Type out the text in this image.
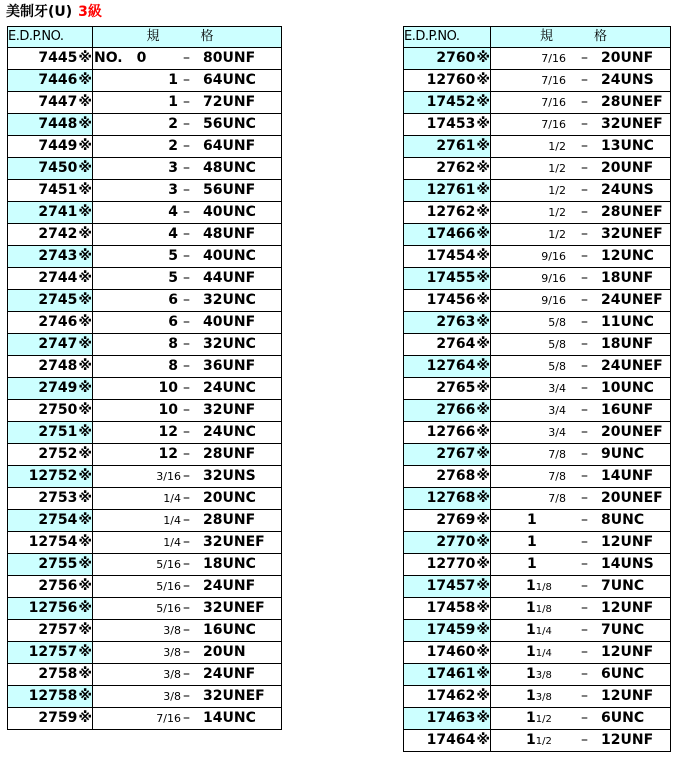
美制牙(U) 3級
E.D.P.NO.	規　格
7445※	NO.　0 – 80UNF

7446※	1 – 64UNC

7447※	1 – 72UNF

7448※	2 – 56UNC

7449※	2 – 64UNF

7450※	3 – 48UNC

7451※	3 – 56UNF

2741※	4 – 40UNC

2742※	4 – 48UNF

2743※	5 – 40UNC

2744※	5 – 44UNF

2745※	6 – 32UNC

2746※	6 – 40UNF

2747※	8 – 32UNC

2748※	8 – 36UNF

2749※	10 – 24UNC

2750※	10 – 32UNF

2751※	12 – 24UNC

2752※	12 – 28UNF

12752※	3/16 – 32UNS

2753※	1/4 – 20UNC

2754※	1/4 – 28UNF

12754※	1/4 – 32UNEF

2755※	5/16 – 18UNC

2756※	5/16 – 24UNF

12756※	5/16 – 32UNEF

2757※	3/8 – 16UNC

12757※	3/8 – 20UN

2758※	3/8 – 24UNF

12758※	3/8 – 32UNEF

2759※	7/16 – 14UNC
E.D.P.NO.	規　格
2760※	7/16 – 20UNF

12760※	7/16 – 24UNS

17452※	7/16 – 28UNEF

17453※	7/16 – 32UNEF

2761※	1/2 – 13UNC

2762※	1/2 – 20UNF

12761※	1/2 – 24UNS

12762※	1/2 – 28UNEF

17466※	1/2 – 32UNEF

17454※	9/16 – 12UNC

17455※	9/16 – 18UNF

17456※	9/16 – 24UNEF

2763※	5/8 – 11UNC

2764※	5/8 – 18UNF

12764※	5/8 – 24UNEF

2765※	3/4 – 10UNC

2766※	3/4 – 16UNF

12766※	3/4 – 20UNEF

2767※	7/8 – 9UNC

2768※	7/8 – 14UNF

12768※	7/8 – 20UNEF

2769※	1 – 8UNC

2770※	1 – 12UNF

12770※	1 – 14UNS

17457※	11/8 – 7UNC

17458※	11/8 – 12UNF

17459※	11/4 – 7UNC

17460※	11/4 – 12UNF

17461※	13/8 – 6UNC

17462※	13/8 – 12UNF

17463※	11/2 – 6UNC

17464※	11/2 – 12UNF
